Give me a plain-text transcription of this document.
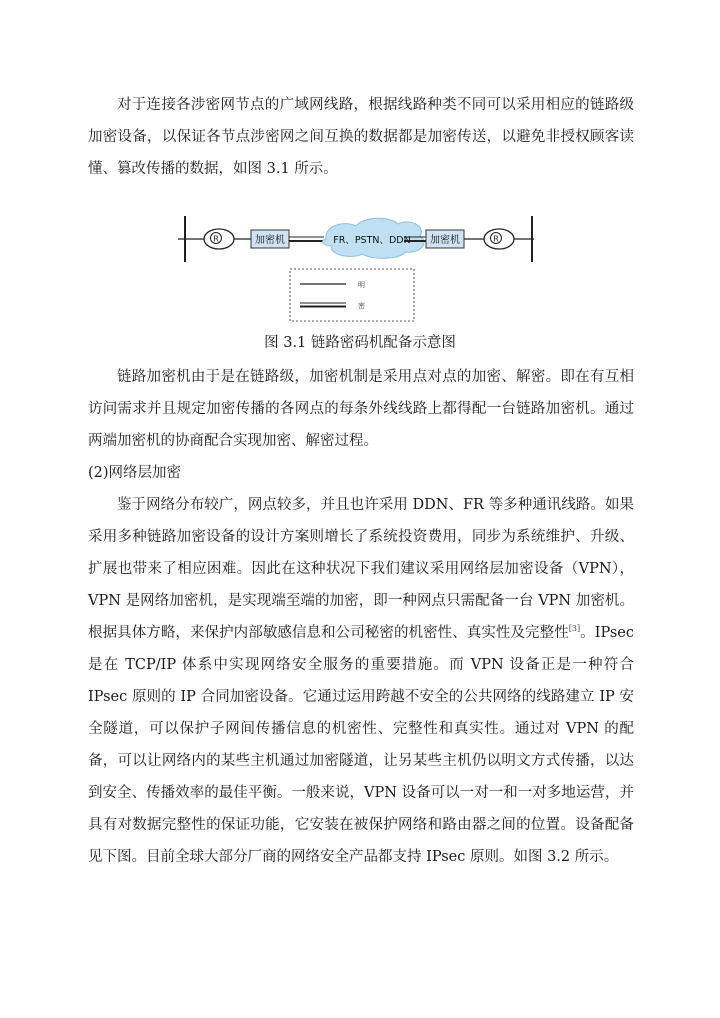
对于连接各涉密网节点的广域网线路，根据线路种类不同可以采用相应的链路级加密设备，以保证各节点涉密网之间互换的数据都是加密传送，以避免非授权顾客读懂、篡改传播的数据，如图 3.1 所示。

R	加密机	FR、PSTN、DDN 加密机	R
明
密
图 3.1 链路密码机配备示意图

链路加密机由于是在链路级，加密机制是采用点对点的加密、解密。即在有互相访问需求并且规定加密传播的各网点的每条外线线路上都得配一台链路加密机。通过两端加密机的协商配合实现加密、解密过程。

(2)网络层加密

鉴于网络分布较广，网点较多，并且也许采用 DDN、FR 等多种通讯线路。如果采用多种链路加密设备的设计方案则增长了系统投资费用，同步为系统维护、升级、扩展也带来了相应困难。因此在这种状况下我们建议采用网络层加密设备（VPN），VPN 是网络加密机，是实现端至端的加密，即一种网点只需配备一台 VPN 加密机。根据具体方略，来保护内部敏感信息和公司秘密的机密性、真实性及完整性[3]。IPsec 是在 TCP/IP 体系中实现网络安全服务的重要措施。而 VPN 设备正是一种符合 IPsec 原则的 IP 合同加密设备。它通过运用跨越不安全的公共网络的线路建立 IP 安全隧道，可以保护子网间传播信息的机密性、完整性和真实性。通过对 VPN 的配备，可以让网络内的某些主机通过加密隧道，让另某些主机仍以明文方式传播，以达到安全、传播效率的最佳平衡。一般来说，VPN 设备可以一对一和一对多地运营，并具有对数据完整性的保证功能，它安装在被保护网络和路由器之间的位置。设备配备见下图。目前全球大部分厂商的网络安全产品都支持 IPsec 原则。如图 3.2 所示。
